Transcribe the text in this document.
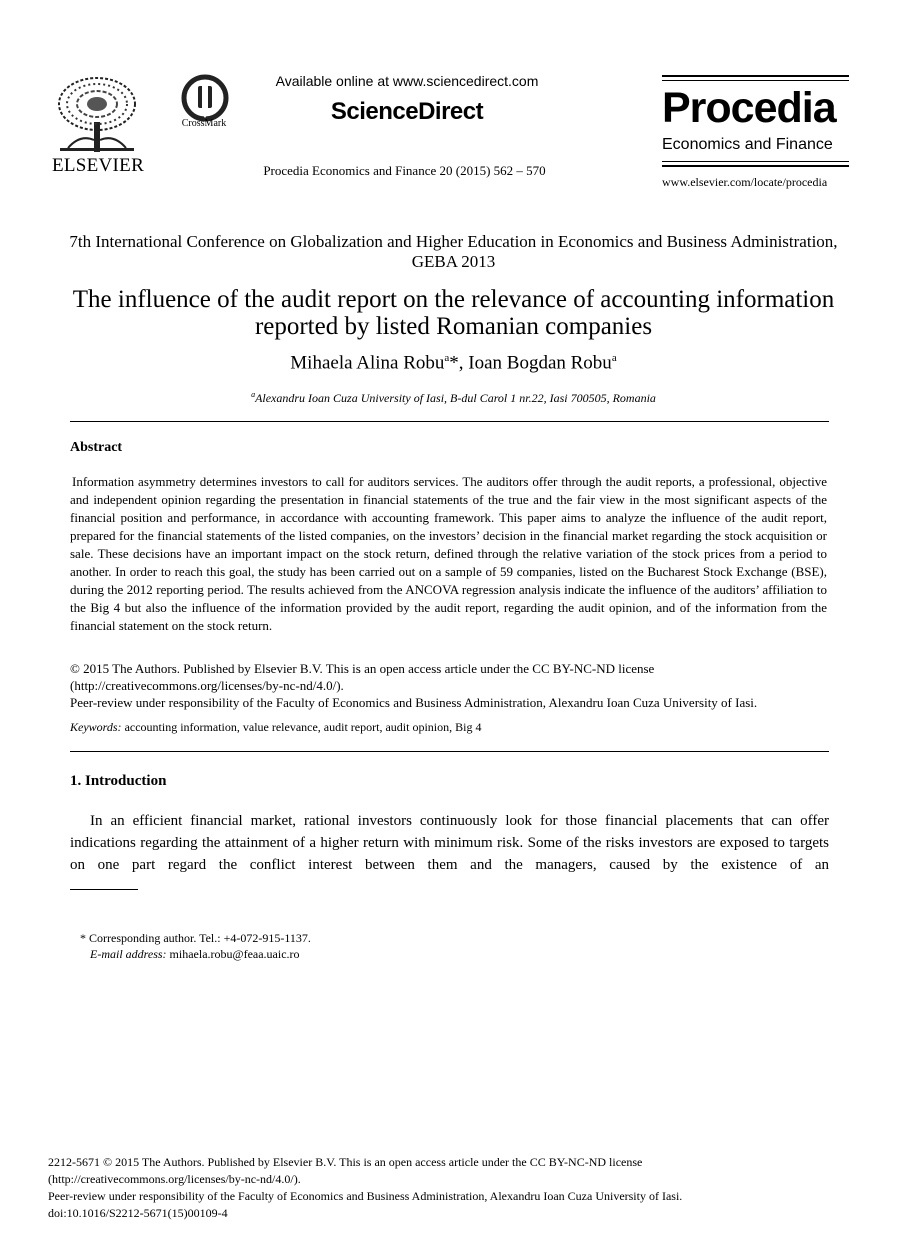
ELSEVIER
CrossMark
Available online at www.sciencedirect.com
ScienceDirect
Procedia Economics and Finance 20 (2015) 562 – 570
Procedia
Economics and Finance
www.elsevier.com/locate/procedia
7th International Conference on Globalization and Higher Education in Economics and Business Administration, GEBA 2013
The influence of the audit report on the relevance of accounting information reported by listed Romanian companies
Mihaela Alina Robu$^a$*, Ioan Bogdan Robu$^a$
$^a$Alexandru Ioan Cuza University of Iasi, B-dul Carol 1 nr.22, Iasi 700505, Romania
Abstract

Information asymmetry determines investors to call for auditors services. The auditors offer through the audit reports, a professional, objective and independent opinion regarding the presentation in financial statements of the true and the fair view in the most significant aspects of the financial position and performance, in accordance with accounting framework. This paper aims to analyze the influence of the audit report, prepared for the financial statements of the listed companies, on the investors’ decision in the financial market regarding the stock acquisition or sale. These decisions have an important impact on the stock return, defined through the relative variation of the stock prices from a period to another. In order to reach this goal, the study has been carried out on a sample of 59 companies, listed on the Bucharest Stock Exchange (BSE), during the 2012 reporting period. The results achieved from the ANCOVA regression analysis indicate the influence of the auditors’ affiliation to the Big 4 but also the influence of the information provided by the audit report, regarding the audit opinion, and of the information from the financial statement on the stock return.

© 2015 The Authors. Published by Elsevier B.V. This is an open access article under the CC BY-NC-ND license

(http://creativecommons.org/licenses/by-nc-nd/4.0/).

Peer-review under responsibility of the Faculty of Economics and Business Administration, Alexandru Ioan Cuza University of Iasi.

Keywords: accounting information, value relevance, audit report, audit opinion, Big 4
1. Introduction

In an efficient financial market, rational investors continuously look for those financial placements that can offer indications regarding the attainment of a higher return with minimum risk. Some of the risks investors are exposed to targets on one part regard the conflict interest between them and the managers, caused by the existence of an

* Corresponding author. Tel.: +4-072-915-1137.
E-mail address: mihaela.robu@feaa.uaic.ro

2212-5671 © 2015 The Authors. Published by Elsevier B.V. This is an open access article under the CC BY-NC-ND license

(http://creativecommons.org/licenses/by-nc-nd/4.0/).

Peer-review under responsibility of the Faculty of Economics and Business Administration, Alexandru Ioan Cuza University of Iasi.

doi:10.1016/S2212-5671(15)00109-4
